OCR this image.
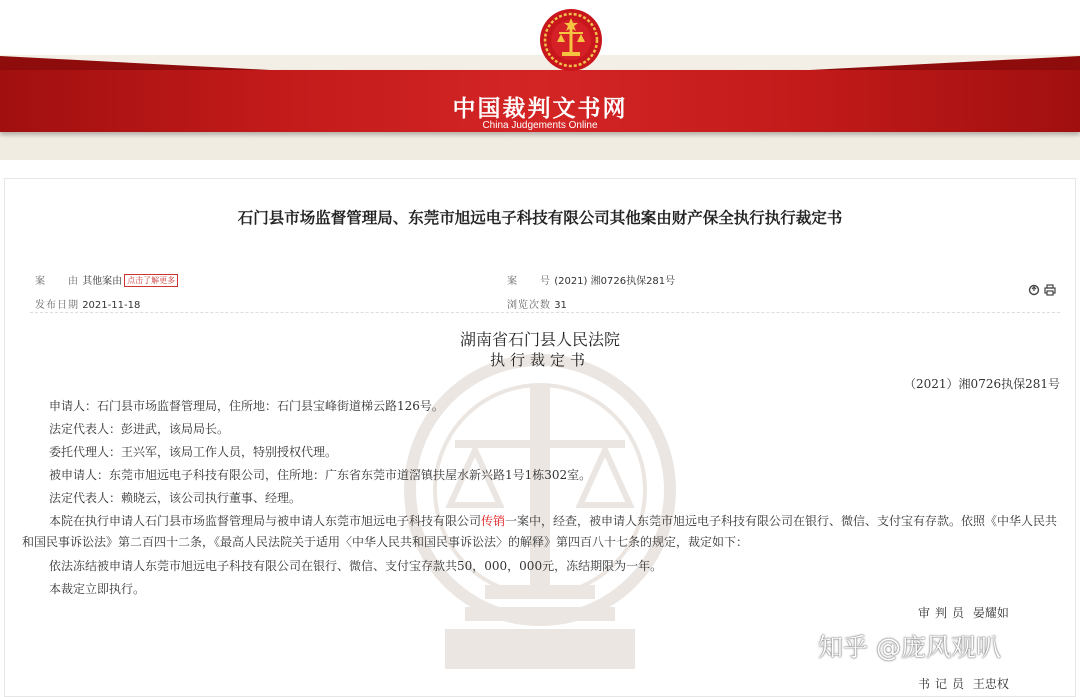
中国裁判文书网
China Judgements Online
石门县市场监督管理局、东莞市旭远电子科技有限公司其他案由财产保全执行执行裁定书
案　　由 其他案由 点击了解更多	案　　号 (2021) 湘0726执保281号
发布日期 2021-11-18	浏览次数 31

湖南省石门县人民法院
执行裁定书
（2021）湘0726执保281号
申请人：石门县市场监督管理局，住所地：石门县宝峰街道梯云路126号。
法定代表人：彭进武，该局局长。
委托代理人：王兴军，该局工作人员，特别授权代理。
被申请人：东莞市旭远电子科技有限公司，住所地：广东省东莞市道滘镇扶屋水新兴路1号1栋302室。
法定代表人：赖晓云，该公司执行董事、经理。
本院在执行申请人石门县市场监督管理局与被申请人东莞市旭远电子科技有限公司传销一案中，经查，被申请人东莞市旭远电子科技有限公司在银行、微信、支付宝有存款。依照《中华人民共和国民事诉讼法》第二百四十二条，《最高人民法院关于适用〈中华人民共和国民事诉讼法〉的解释》第四百八十七条的规定，裁定如下：
依法冻结被申请人东莞市旭远电子科技有限公司在银行、微信、支付宝存款共50，000，000元，冻结期限为一年。
本裁定立即执行。
审判员 晏耀如
书记员 王忠权
知乎 @庞风观叭
